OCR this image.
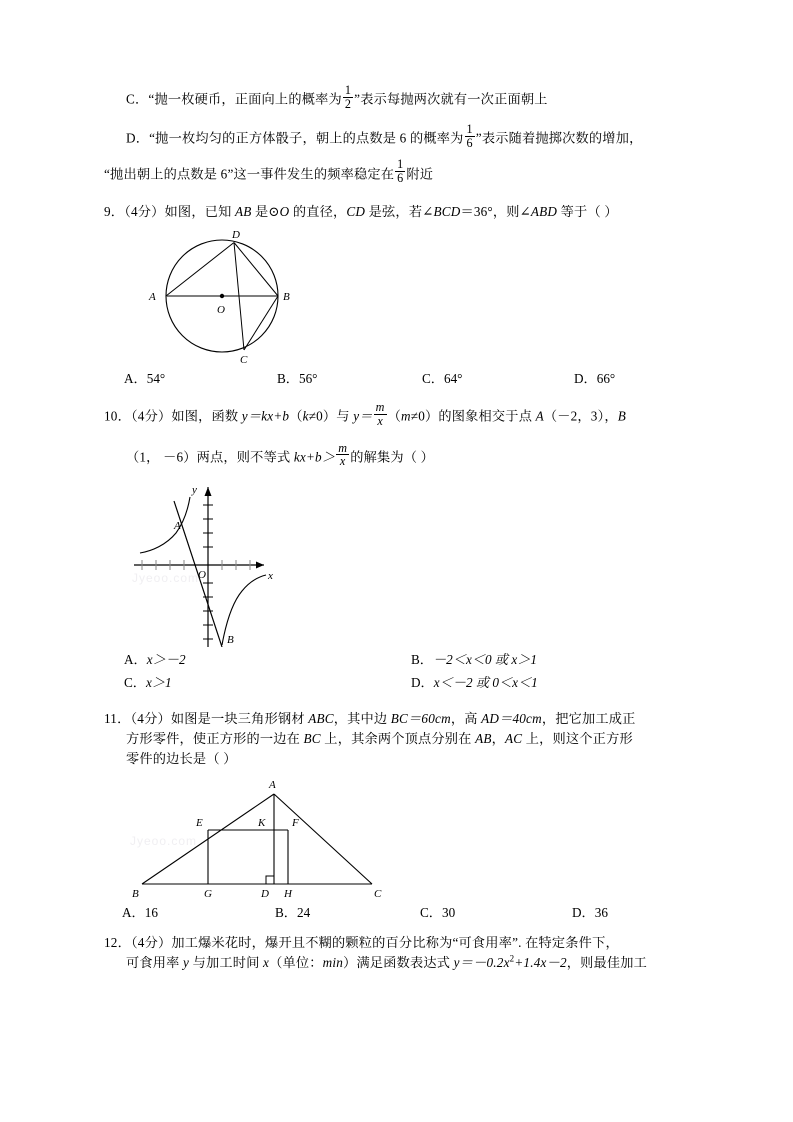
C．“抛一枚硬币，正面向上的概率为 $\frac{1}{2}$ ”表示每抛两次就有一次正面朝上
D．“抛一枚均匀的正方体骰子，朝上的点数是 6 的概率为 $\frac{1}{6}$ ”表示随着抛掷次数的增加，
“抛出朝上的点数是 6”这一事件发生的频率稳定在 $\frac{1}{6}$ 附近
9．（4分）如图，已知 AB 是⊙O 的直径，CD 是弦，若∠BCD＝36°，则∠ABD 等于（ ）
D
A
O
B
C
A．54°	B．56°	C．64°	D．66°
10．（4分）如图，函数 y＝kx+b（k≠0）与 $y= \frac{m}{x} (m\ne 0)$的图象相交于点 A（－2，3），B
（1， －6）两点，则不等式 $kx+b> \frac{m}{x}$ 的解集为（ ）
Jyeoo.com
y
x
O
A
B
A．x＞－2	B．－2＜x＜0 或 x＞1
C．x＞1	D．x＜－2 或 0＜x＜1
11．（4分）如图是一块三角形钢材 ABC，其中边 BC＝60cm，高 AD＝40cm，把它加工成正
方形零件，使正方形的一边在 BC 上，其余两个顶点分别在 AB，AC 上，则这个正方形
零件的边长是（ ）
Jyeoo.com
A
E	K F
B	G	D H	C
A．16	B．24	C．30	D．36
12．（4分）加工爆米花时，爆开且不糊的颗粒的百分比称为“可食用率”. 在特定条件下，
可食用率 y 与加工时间 x（单位：min）满足函数表达式 $y=-0.2x^2+1.4x-2$，则最佳加工
